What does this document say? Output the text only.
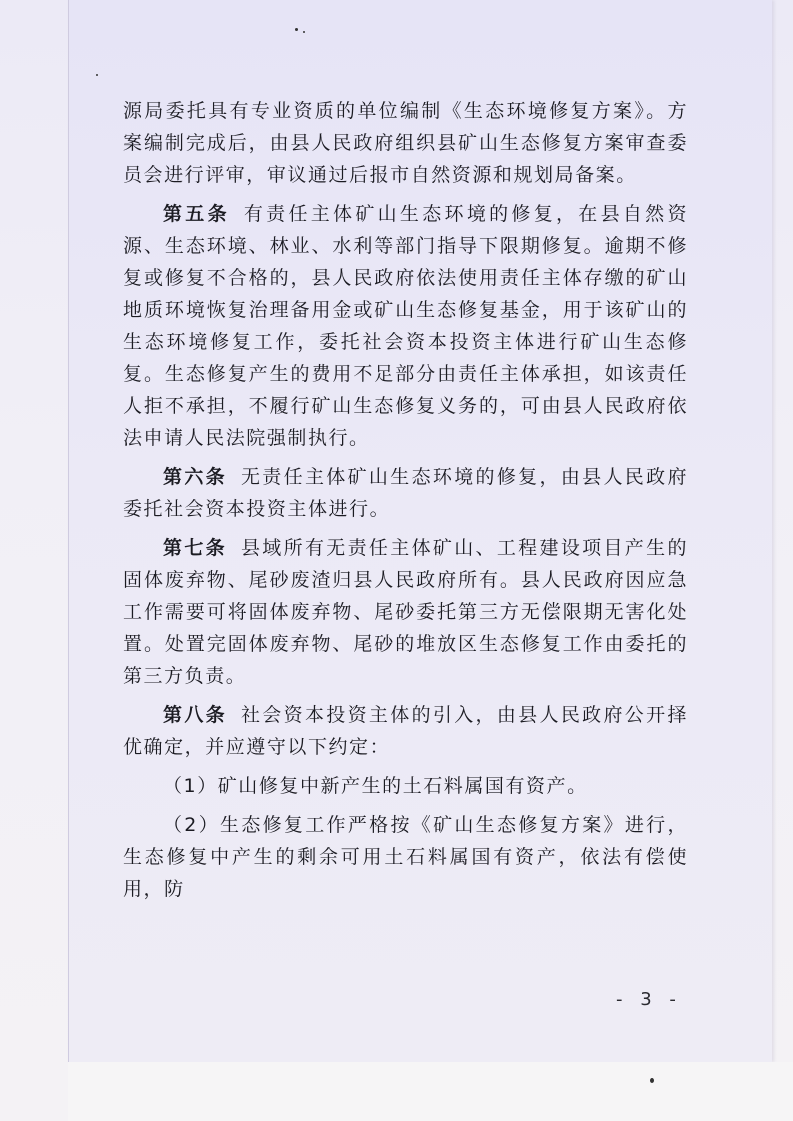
源局委托具有专业资质的单位编制《生态环境修复方案》。方案编制完成后，由县人民政府组织县矿山生态修复方案审查委员会进行评审，审议通过后报市自然资源和规划局备案。

第五条 有责任主体矿山生态环境的修复，在县自然资源、生态环境、林业、水利等部门指导下限期修复。逾期不修复或修复不合格的，县人民政府依法使用责任主体存缴的矿山地质环境恢复治理备用金或矿山生态修复基金，用于该矿山的生态环境修复工作，委托社会资本投资主体进行矿山生态修复。生态修复产生的费用不足部分由责任主体承担，如该责任人拒不承担，不履行矿山生态修复义务的，可由县人民政府依法申请人民法院强制执行。

第六条 无责任主体矿山生态环境的修复，由县人民政府委托社会资本投资主体进行。

第七条 县域所有无责任主体矿山、工程建设项目产生的固体废弃物、尾砂废渣归县人民政府所有。县人民政府因应急工作需要可将固体废弃物、尾砂委托第三方无偿限期无害化处置。处置完固体废弃物、尾砂的堆放区生态修复工作由委托的第三方负责。

第八条 社会资本投资主体的引入，由县人民政府公开择优确定，并应遵守以下约定：

（1）矿山修复中新产生的土石料属国有资产。

（2）生态修复工作严格按《矿山生态修复方案》进行，生态修复中产生的剩余可用土石料属国有资产，依法有偿使用，防

- 3 -
